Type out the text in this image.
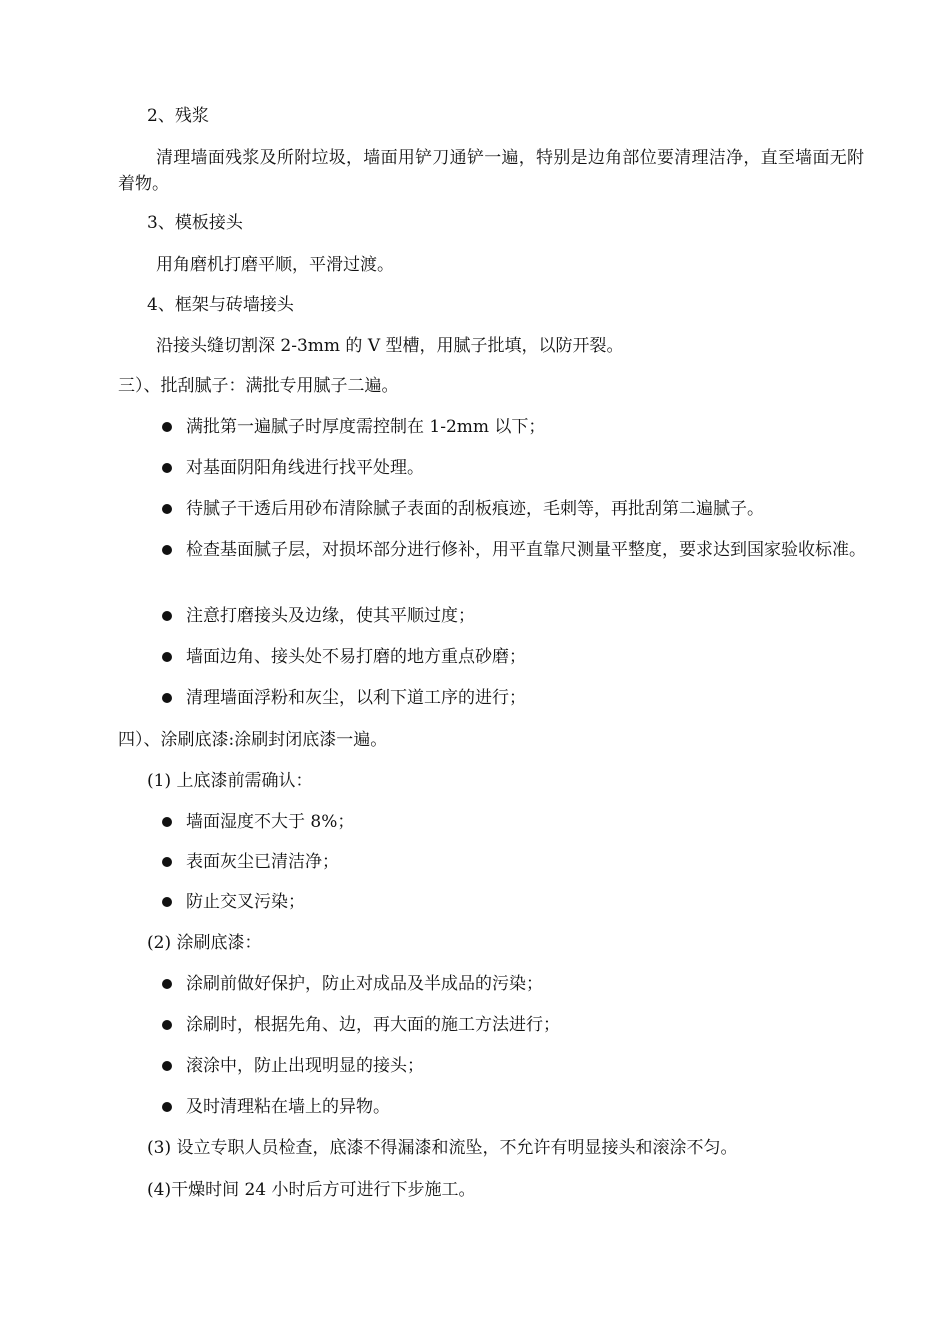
2、残浆
清理墙面残浆及所附垃圾，墙面用铲刀通铲一遍，特别是边角部位要清理洁净，直至墙面无附着物。
3、模板接头
用角磨机打磨平顺，平滑过渡。
4、框架与砖墙接头
沿接头缝切割深 2-3mm 的 V 型槽，用腻子批填，以防开裂。
三）、批刮腻子：满批专用腻子二遍。
满批第一遍腻子时厚度需控制在 1-2mm 以下；
对基面阴阳角线进行找平处理。
待腻子干透后用砂布清除腻子表面的刮板痕迹，毛刺等，再批刮第二遍腻子。
检查基面腻子层，对损坏部分进行修补，用平直靠尺测量平整度，要求达到国家验收标准。
注意打磨接头及边缘，使其平顺过度；
墙面边角、接头处不易打磨的地方重点砂磨；
清理墙面浮粉和灰尘，以利下道工序的进行；
四）、涂刷底漆:涂刷封闭底漆一遍。
(1) 上底漆前需确认：
墙面湿度不大于 8%；
表面灰尘已清洁净；
防止交叉污染；
(2) 涂刷底漆：
涂刷前做好保护，防止对成品及半成品的污染；
涂刷时，根据先角、边，再大面的施工方法进行；
滚涂中，防止出现明显的接头；
及时清理粘在墙上的异物。
(3) 设立专职人员检查，底漆不得漏漆和流坠，不允许有明显接头和滚涂不匀。
(4)干燥时间 24 小时后方可进行下步施工。
